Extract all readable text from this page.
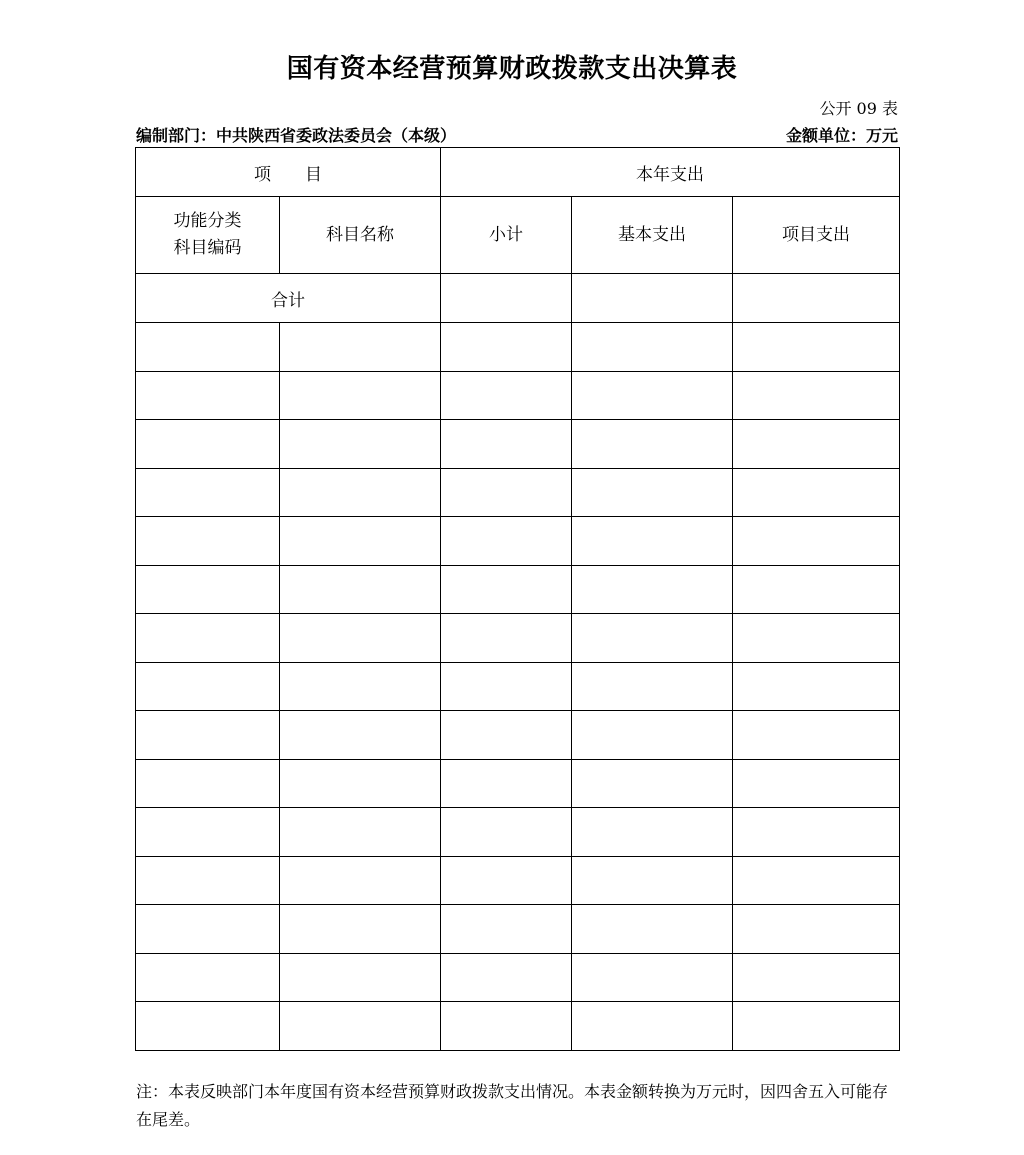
国有资本经营预算财政拨款支出决算表
公开 09 表
编制部门：中共陕西省委政法委员会（本级）	金额单位：万元
项　　目		本年支出		
功能分类
科目编码	科目名称	小计	基本支出	项目支出
合计				

注：本表反映部门本年度国有资本经营预算财政拨款支出情况。本表金额转换为万元时，因四舍五入可能存在尾差。
